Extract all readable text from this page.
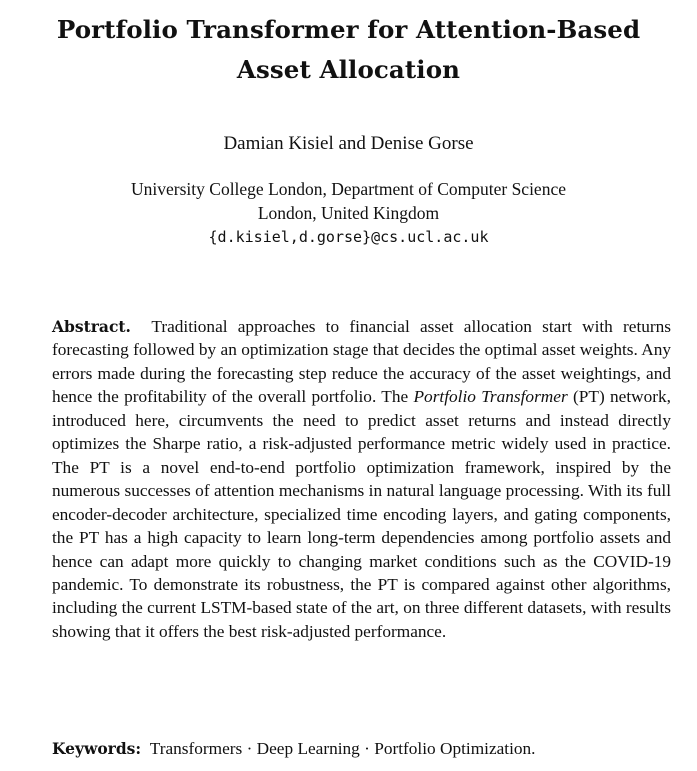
Portfolio Transformer for Attention-Based
Asset Allocation
Damian Kisiel and Denise Gorse
University College London, Department of Computer Science
London, United Kingdom
{d.kisiel,d.gorse}@cs.ucl.ac.uk

Abstract. Traditional approaches to financial asset allocation start with returns forecasting followed by an optimization stage that decides the optimal asset weights. Any errors made during the forecasting step reduce the accuracy of the asset weightings, and hence the profitability of the overall portfolio. The Portfolio Transformer (PT) network, introduced here, circumvents the need to predict asset returns and instead directly optimizes the Sharpe ratio, a risk-adjusted performance metric widely used in practice. The PT is a novel end-to-end portfolio optimization framework, inspired by the numerous successes of attention mechanisms in natural language processing. With its full encoder-decoder architecture, specialized time encoding layers, and gating components, the PT has a high capacity to learn long-term dependencies among portfolio assets and hence can adapt more quickly to changing market conditions such as the COVID-19 pandemic. To demonstrate its robustness, the PT is compared against other algorithms, including the current LSTM-based state of the art, on three different datasets, with results showing that it offers the best risk-adjusted performance.

Keywords: Transformers · Deep Learning · Portfolio Optimization.
